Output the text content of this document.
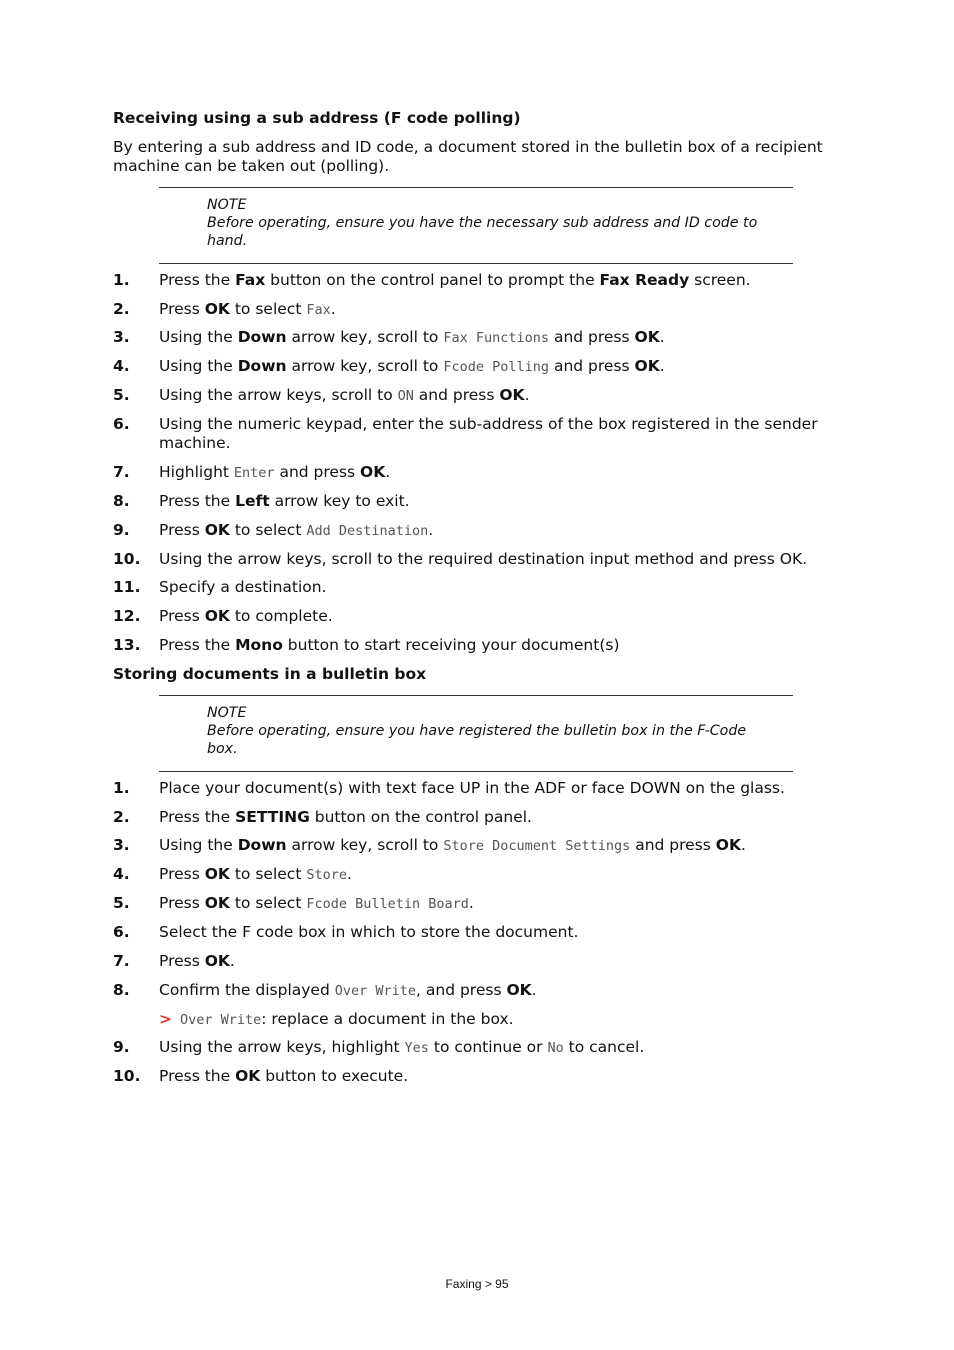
Receiving using a sub address (F code polling)
By entering a sub address and ID code, a document stored in the bulletin box of a recipient machine can be taken out (polling).
NOTE
Before operating, ensure you have the necessary sub address and ID code to hand.
1. Press the Fax button on the control panel to prompt the Fax Ready screen.
2. Press OK to select Fax.
3. Using the Down arrow key, scroll to Fax Functions and press OK.
4. Using the Down arrow key, scroll to Fcode Polling and press OK.
5. Using the arrow keys, scroll to ON and press OK.
6. Using the numeric keypad, enter the sub-address of the box registered in the sender machine.
7. Highlight Enter and press OK.
8. Press the Left arrow key to exit.
9. Press OK to select Add Destination.
10. Using the arrow keys, scroll to the required destination input method and press OK.
11. Specify a destination.
12. Press OK to complete.
13. Press the Mono button to start receiving your document(s)
Storing documents in a bulletin box
NOTE
Before operating, ensure you have registered the bulletin box in the F-Code box.
1. Place your document(s) with text face UP in the ADF or face DOWN on the glass.
2. Press the SETTING button on the control panel.
3. Using the Down arrow key, scroll to Store Document Settings and press OK.
4. Press OK to select Store.
5. Press OK to select Fcode Bulletin Board.
6. Select the F code box in which to store the document.
7. Press OK.
8. Confirm the displayed Over Write, and press OK.
9. Using the arrow keys, highlight Yes to continue or No to cancel.
10. Press the OK button to execute.
> Over Write: replace a document in the box.
Faxing > 95
